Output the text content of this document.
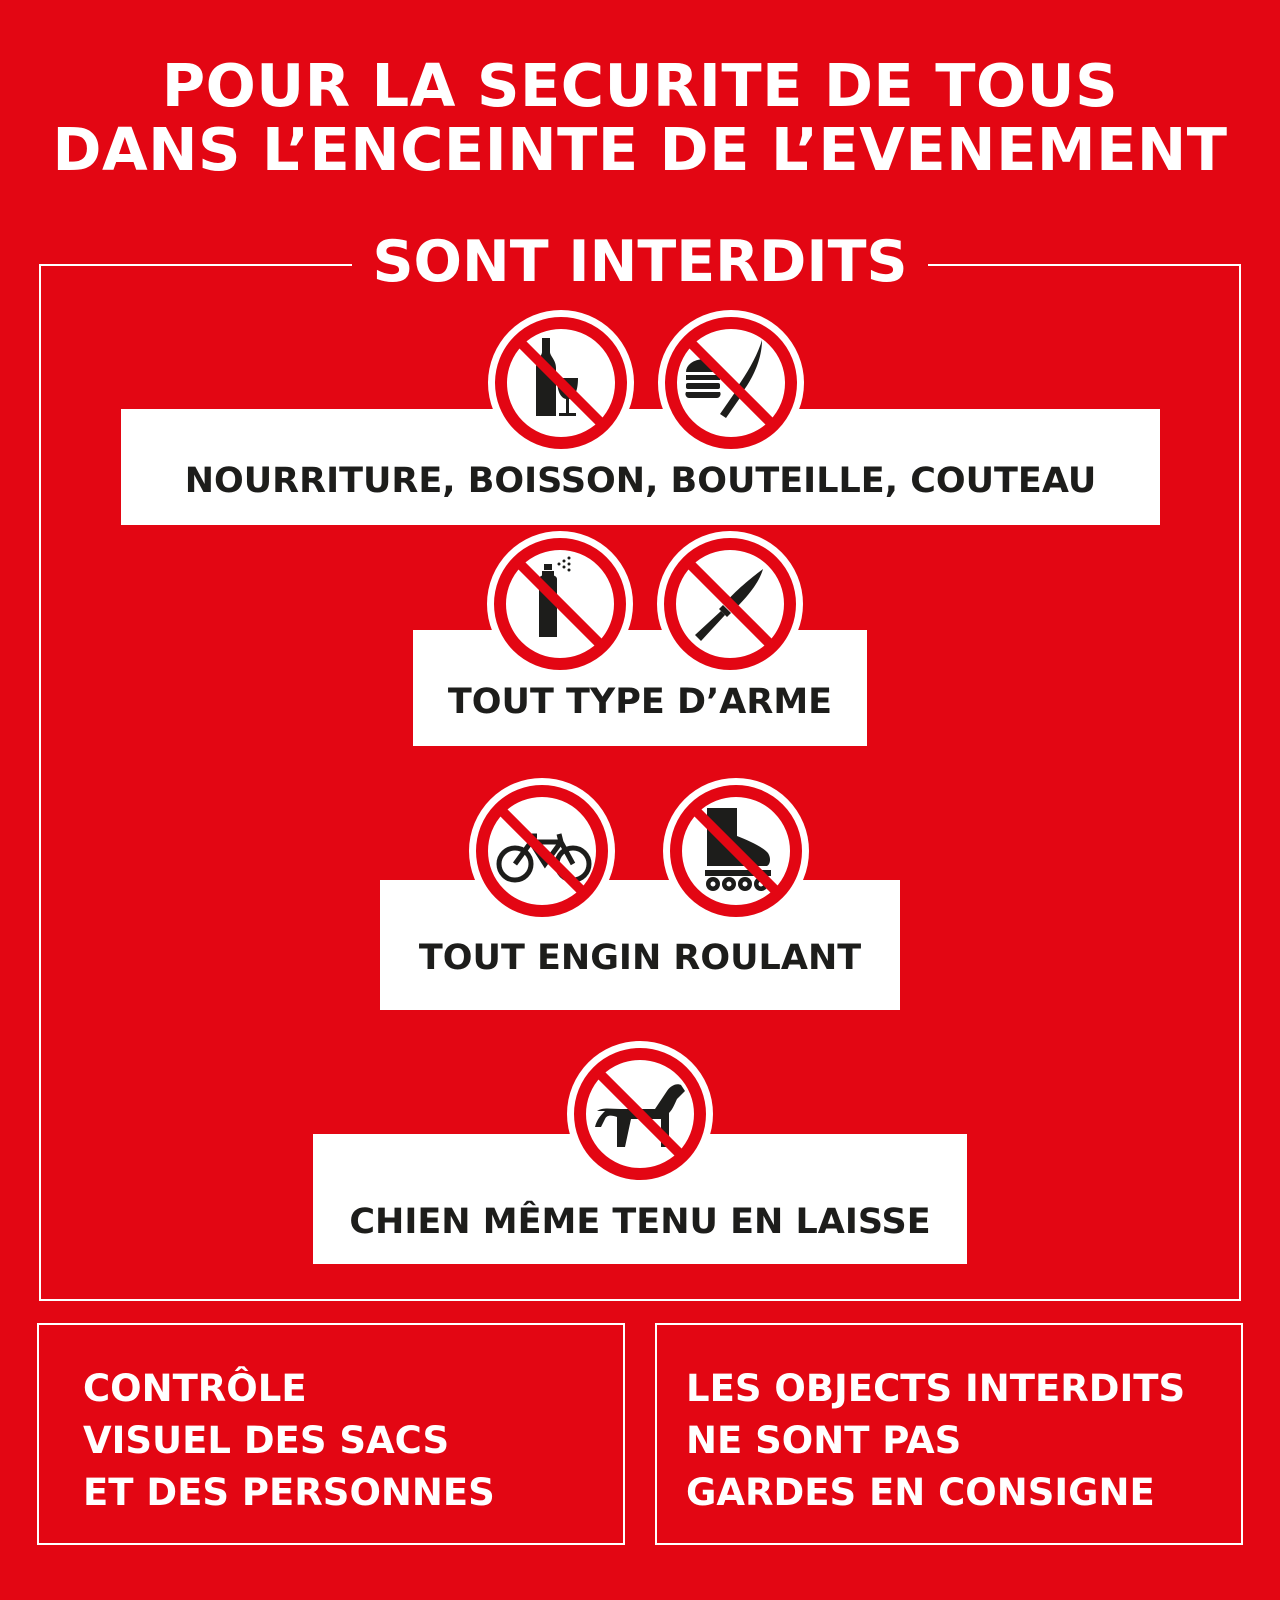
POUR LA SECURITE DE TOUS
DANS L’ENCEINTE DE L’EVENEMENT
SONT INTERDITS
NOURRITURE, BOISSON, BOUTEILLE, COUTEAU
TOUT TYPE D’ARME
TOUT ENGIN ROULANT
CHIEN MÊME TENU EN LAISSE
CONTRÔLE
VISUEL DES SACS
ET DES PERSONNES
LES OBJECTS INTERDITS
NE SONT PAS
GARDES EN CONSIGNE
